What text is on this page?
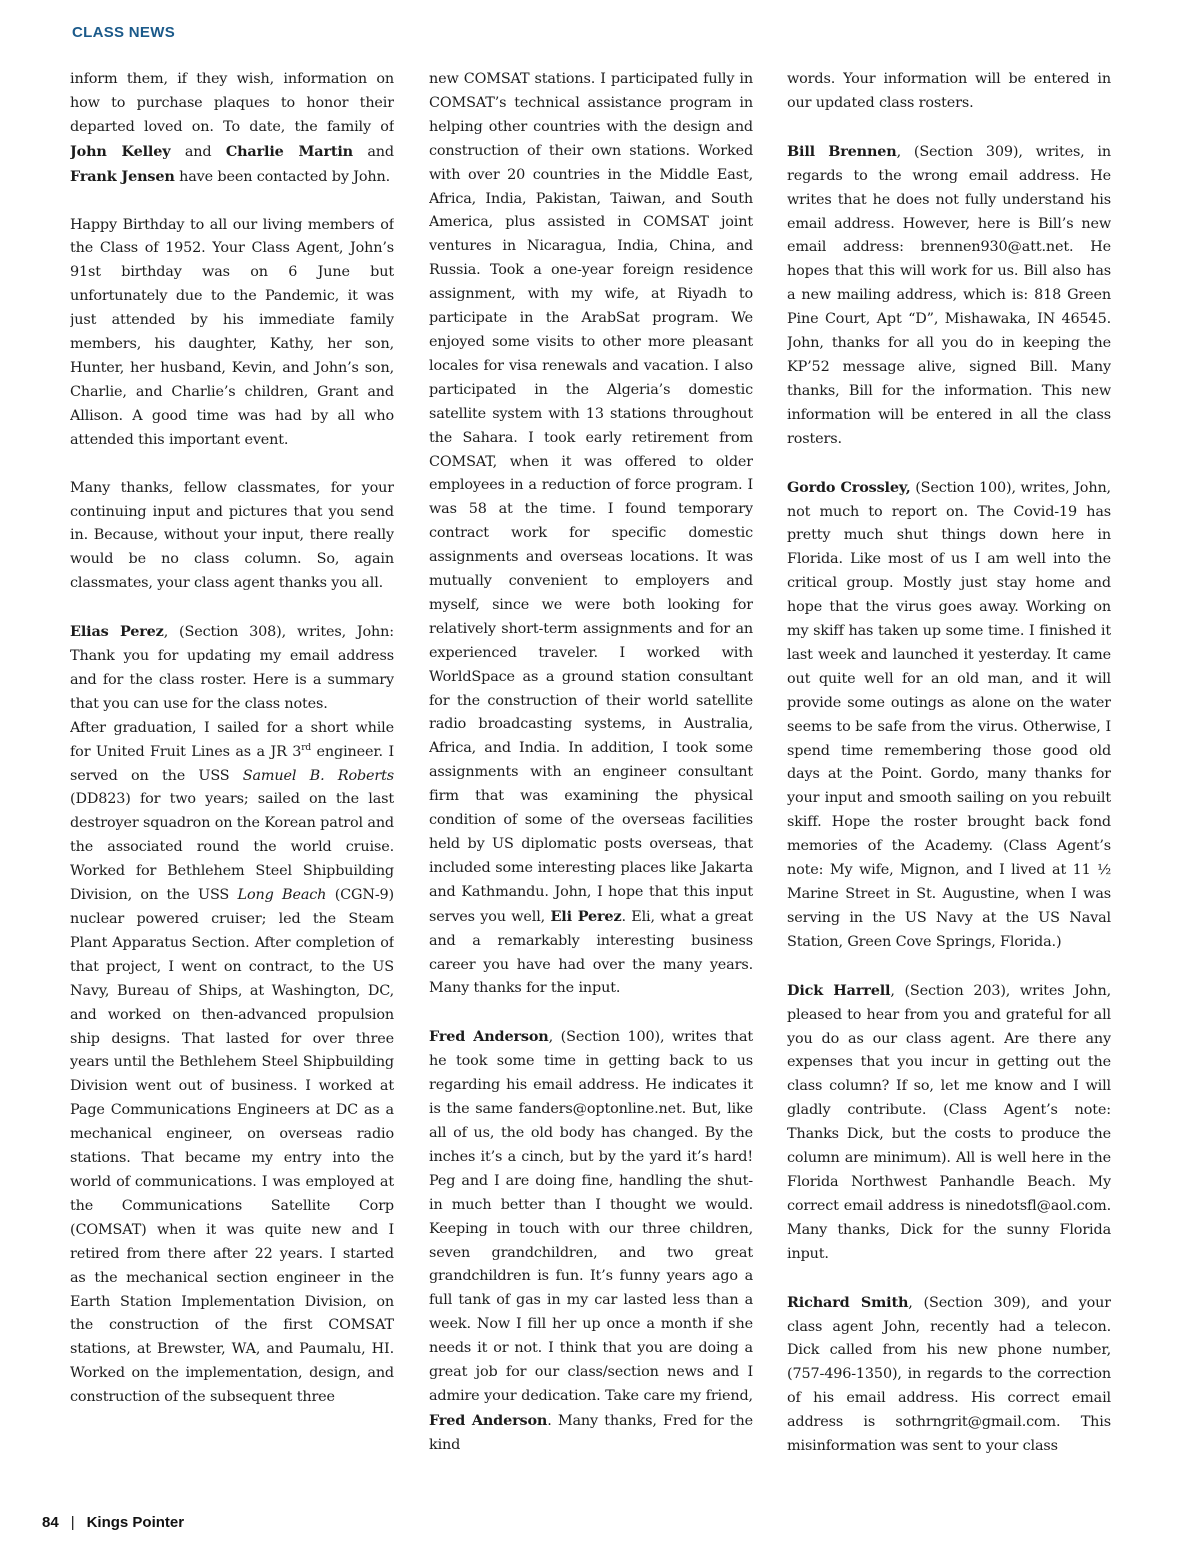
CLASS NEWS

inform them, if they wish, information on how to purchase plaques to honor their departed loved on. To date, the family of John Kelley and Charlie Martin and Frank Jensen have been contacted by John.

Happy Birthday to all our living members of the Class of 1952. Your Class Agent, John’s 91st birthday was on 6 June but unfortunately due to the Pandemic, it was just attended by his immediate family members, his daughter, Kathy, her son, Hunter, her husband, Kevin, and John’s son, Charlie, and Charlie’s children, Grant and Allison. A good time was had by all who attended this important event.

Many thanks, fellow classmates, for your continuing input and pictures that you send in. Because, without your input, there really would be no class column. So, again classmates, your class agent thanks you all.

Elias Perez, (Section 308), writes, John: Thank you for updating my email address and for the class roster. Here is a summary that you can use for the class notes.

After graduation, I sailed for a short while for United Fruit Lines as a JR 3rd engineer. I served on the USS Samuel B. Roberts (DD823) for two years; sailed on the last destroyer squadron on the Korean patrol and the associated round the world cruise. Worked for Bethlehem Steel Shipbuilding Division, on the USS Long Beach (CGN-9) nuclear powered cruiser; led the Steam Plant Apparatus Section. After completion of that project, I went on contract, to the US Navy, Bureau of Ships, at Washington, DC, and worked on then-advanced propulsion ship designs. That lasted for over three years until the Bethlehem Steel Shipbuilding Division went out of business. I worked at Page Communications Engineers at DC as a mechanical engineer, on overseas radio stations. That became my entry into the world of communications. I was employed at the Communications Satellite Corp (COMSAT) when it was quite new and I retired from there after 22 years. I started as the mechanical section engineer in the Earth Station Implementation Division, on the construction of the first COMSAT stations, at Brewster, WA, and Paumalu, HI. Worked on the implementation, design, and construction of the subsequent three

new COMSAT stations. I participated fully in COMSAT’s technical assistance program in helping other countries with the design and construction of their own stations. Worked with over 20 countries in the Middle East, Africa, India, Pakistan, Taiwan, and South America, plus assisted in COMSAT joint ventures in Nicaragua, India, China, and Russia. Took a one-year foreign residence assignment, with my wife, at Riyadh to participate in the ArabSat program. We enjoyed some visits to other more pleasant locales for visa renewals and vacation. I also participated in the Algeria’s domestic satellite system with 13 stations throughout the Sahara. I took early retirement from COMSAT, when it was offered to older employees in a reduction of force program. I was 58 at the time. I found temporary contract work for specific domestic assignments and overseas locations. It was mutually convenient to employers and myself, since we were both looking for relatively short-term assignments and for an experienced traveler. I worked with WorldSpace as a ground station consultant for the construction of their world satellite radio broadcasting systems, in Australia, Africa, and India. In addition, I took some assignments with an engineer consultant firm that was examining the physical condition of some of the overseas facilities held by US diplomatic posts overseas, that included some interesting places like Jakarta and Kathmandu. John, I hope that this input serves you well, Eli Perez. Eli, what a great and a remarkably interesting business career you have had over the many years. Many thanks for the input.

Fred Anderson, (Section 100), writes that he took some time in getting back to us regarding his email address. He indicates it is the same fanders@optonline.net. But, like all of us, the old body has changed. By the inches it’s a cinch, but by the yard it’s hard! Peg and I are doing fine, handling the shut-in much better than I thought we would. Keeping in touch with our three children, seven grandchildren, and two great grandchildren is fun. It’s funny years ago a full tank of gas in my car lasted less than a week. Now I fill her up once a month if she needs it or not. I think that you are doing a great job for our class/section news and I admire your dedication. Take care my friend, Fred Anderson. Many thanks, Fred for the kind

words. Your information will be entered in our updated class rosters.

Bill Brennen, (Section 309), writes, in regards to the wrong email address. He writes that he does not fully understand his email address. However, here is Bill’s new email address: brennen930@att.net. He hopes that this will work for us. Bill also has a new mailing address, which is: 818 Green Pine Court, Apt “D”, Mishawaka, IN 46545. John, thanks for all you do in keeping the KP’52 message alive, signed Bill. Many thanks, Bill for the information. This new information will be entered in all the class rosters.

Gordo Crossley, (Section 100), writes, John, not much to report on. The Covid-19 has pretty much shut things down here in Florida. Like most of us I am well into the critical group. Mostly just stay home and hope that the virus goes away. Working on my skiff has taken up some time. I finished it last week and launched it yesterday. It came out quite well for an old man, and it will provide some outings as alone on the water seems to be safe from the virus. Otherwise, I spend time remembering those good old days at the Point. Gordo, many thanks for your input and smooth sailing on you rebuilt skiff. Hope the roster brought back fond memories of the Academy. (Class Agent’s note: My wife, Mignon, and I lived at 11 ½ Marine Street in St. Augustine, when I was serving in the US Navy at the US Naval Station, Green Cove Springs, Florida.)

Dick Harrell, (Section 203), writes John, pleased to hear from you and grateful for all you do as our class agent. Are there any expenses that you incur in getting out the class column? If so, let me know and I will gladly contribute. (Class Agent’s note: Thanks Dick, but the costs to produce the column are minimum). All is well here in the Florida Northwest Panhandle Beach. My correct email address is ninedotsfl@aol.com. Many thanks, Dick for the sunny Florida input.

Richard Smith, (Section 309), and your class agent John, recently had a telecon. Dick called from his new phone number, (757-496-1350), in regards to the correction of his email address. His correct email address is sothrngrit@gmail.com. This misinformation was sent to your class

84 | Kings Pointer
